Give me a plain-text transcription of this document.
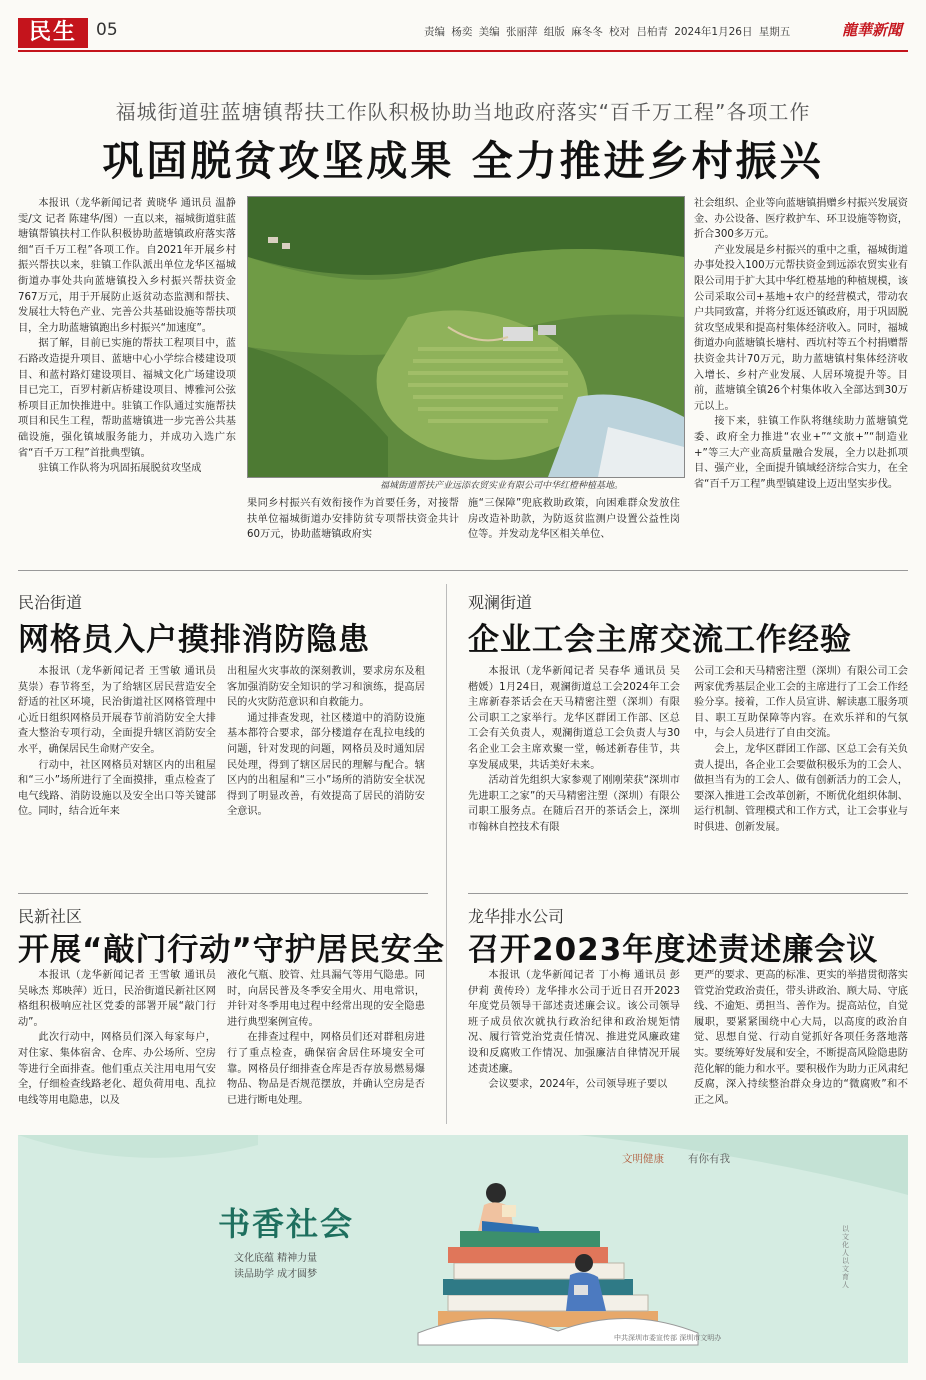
民生	05	责编 杨奕 美编 张丽萍 组版 麻冬冬 校对 吕柏青 2024年1月26日 星期五	龍華新聞
福城街道驻蓝塘镇帮扶工作队积极协助当地政府落实“百千万工程”各项工作
巩固脱贫攻坚成果 全力推进乡村振兴

本报讯（龙华新闻记者 黄晓华 通讯员 温静雯/文 记者 陈建华/图）一直以来，福城街道驻蓝塘镇帮镇扶村工作队积极协助蓝塘镇政府落实落细“百千万工程”各项工作。自2021年开展乡村振兴帮扶以来，驻镇工作队派出单位龙华区福城街道办事处共向蓝塘镇投入乡村振兴帮扶资金767万元，用于开展防止返贫动态监测和帮扶、发展壮大特色产业、完善公共基础设施等帮扶项目，全力助蓝塘镇跑出乡村振兴“加速度”。

据了解，目前已实施的帮扶工程项目中，蓝石路改造提升项目、蓝塘中心小学综合楼建设项目、和蓝村路灯建设项目、福城文化广场建设项目已完工，百罗村新店桥建设项目、博雅河公弦桥项目正加快推进中。驻镇工作队通过实施帮扶项目和民生工程，帮助蓝塘镇进一步完善公共基础设施，强化镇域服务能力，并成功入选广东省“百千万工程”首批典型镇。

驻镇工作队将为巩固拓展脱贫攻坚成

福城街道帮扶产业远添农贸实业有限公司中华红橙种植基地。

果同乡村振兴有效衔接作为首要任务，对接帮扶单位福城街道办安排防贫专项帮扶资金共计60万元，协助蓝塘镇政府实

施“三保障”兜底救助政策，向困难群众发放住房改造补助款，为防返贫监测户设置公益性岗位等。并发动龙华区相关单位、

社会组织、企业等向蓝塘镇捐赠乡村振兴发展资金、办公设备、医疗救护车、环卫设施等物资，折合300多万元。

产业发展是乡村振兴的重中之重，福城街道办事处投入100万元帮扶资金到远添农贸实业有限公司用于扩大其中华红橙基地的种植规模，该公司采取公司+基地+农户的经营模式，带动农户共同致富，并将分红返还镇政府，用于巩固脱贫攻坚成果和提高村集体经济收入。同时，福城街道办向蓝塘镇长塘村、西坑村等五个村捐赠帮扶资金共计70万元，助力蓝塘镇村集体经济收入增长、乡村产业发展、人居环境提升等。目前，蓝塘镇全镇26个村集体收入全部达到30万元以上。

接下来，驻镇工作队将继续助力蓝塘镇党委、政府全力推进“农业+”“文旅+”“制造业+”等三大产业高质量融合发展，全力以赴抓项目、强产业，全面提升镇域经济综合实力，在全省“百千万工程”典型镇建设上迈出坚实步伐。

民治街道
网格员入户摸排消防隐患

本报讯（龙华新闻记者 王雪敏 通讯员 莫崇）春节将至，为了给辖区居民营造安全舒适的社区环境，民治街道社区网格管理中心近日组织网格员开展春节前消防安全大排查大整治专项行动，全面提升辖区消防安全水平，确保居民生命财产安全。

行动中，社区网格员对辖区内的出租屋和“三小”场所进行了全面摸排，重点检查了电气线路、消防设施以及安全出口等关键部位。同时，结合近年来

出租屋火灾事故的深刻教训，要求房东及租客加强消防安全知识的学习和演练，提高居民的火灾防范意识和自救能力。

通过排查发现，社区楼道中的消防设施基本都符合要求，部分楼道存在乱拉电线的问题，针对发现的问题，网格员及时通知居民处理，得到了辖区居民的理解与配合。辖区内的出租屋和“三小”场所的消防安全状况得到了明显改善，有效提高了居民的消防安全意识。

观澜街道
企业工会主席交流工作经验

本报讯（龙华新闻记者 吴春华 通讯员 吴楷媛）1月24日，观澜街道总工会2024年工会主席新春茶话会在天马精密注塑（深圳）有限公司职工之家举行。龙华区群团工作部、区总工会有关负责人，观澜街道总工会负责人与30名企业工会主席欢聚一堂，畅述新春佳节，共享发展成果，共话美好未来。

活动首先组织大家参观了刚刚荣获“深圳市先进职工之家”的天马精密注塑（深圳）有限公司职工服务点。在随后召开的茶话会上，深圳市翰林自控技术有限

公司工会和天马精密注塑（深圳）有限公司工会两家优秀基层企业工会的主席进行了工会工作经验分享。接着，工作人员宣讲、解读惠工服务项目、职工互助保障等内容。在欢乐祥和的气氛中，与会人员进行了自由交流。

会上，龙华区群团工作部、区总工会有关负责人提出，各企业工会要做积极乐为的工会人、做担当有为的工会人、做有创新活力的工会人，要深入推进工会改革创新，不断优化组织体制、运行机制、管理模式和工作方式，让工会事业与时俱进、创新发展。

民新社区
开展“敲门行动”守护居民安全

本报讯（龙华新闻记者 王雪敏 通讯员 吴咏杰 郑映萍）近日，民治街道民新社区网格组积极响应社区党委的部署开展“敲门行动”。

此次行动中，网格员们深入每家每户，对住家、集体宿舍、仓库、办公场所、空房等进行全面排查。他们重点关注用电用气安全，仔细检查线路老化、超负荷用电、乱拉电线等用电隐患，以及

液化气瓶、胶管、灶具漏气等用气隐患。同时，向居民普及冬季安全用火、用电常识，并针对冬季用电过程中经常出现的安全隐患进行典型案例宣传。

在排查过程中，网格员们还对群租房进行了重点检查，确保宿舍居住环境安全可靠。网格员仔细排查仓库是否存放易燃易爆物品、物品是否规范摆放，并确认空房是否已进行断电处理。

龙华排水公司
召开2023年度述责述廉会议

本报讯（龙华新闻记者 丁小梅 通讯员 彭伊莉 黄传玲）龙华排水公司于近日召开2023年度党员领导干部述责述廉会议。该公司领导班子成员依次就执行政治纪律和政治规矩情况、履行管党治党责任情况、推进党风廉政建设和反腐败工作情况、加强廉洁自律情况开展述责述廉。

会议要求，2024年，公司领导班子要以

更严的要求、更高的标准、更实的举措贯彻落实管党治党政治责任，带头讲政治、顾大局、守底线、不逾矩、勇担当、善作为。提高站位，自觉履职，要紧紧围绕中心大局，以高度的政治自觉、思想自觉、行动自觉抓好各项任务落地落实。要统筹好发展和安全，不断提高风险隐患防范化解的能力和水平。要积极作为助力正风肃纪反腐，深入持续整治群众身边的“微腐败”和不正之风。

文明健康 有你有我
书香社会
文化底蕴 精神力量
读品助学 成才圆梦
以文化人以文育人
中共深圳市委宣传部 深圳市文明办
